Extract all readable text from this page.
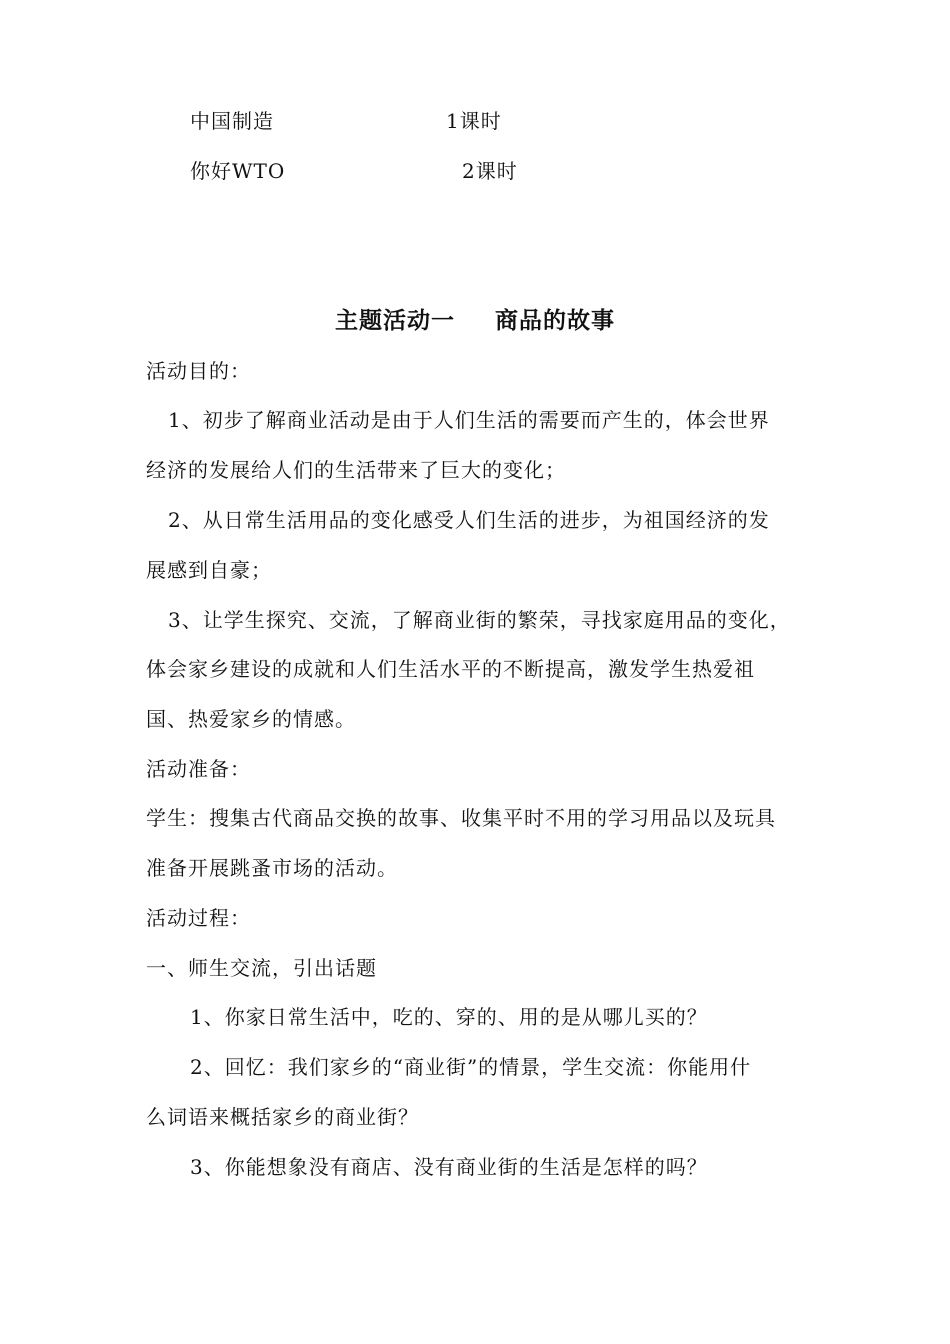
中国制造	1课时
你好WTO	2课时
主题活动一 商品的故事
活动目的：
1、初步了解商业活动是由于人们生活的需要而产生的，体会世界
经济的发展给人们的生活带来了巨大的变化；
2、从日常生活用品的变化感受人们生活的进步，为祖国经济的发
展感到自豪；
3、让学生探究、交流，了解商业街的繁荣，寻找家庭用品的变化，
体会家乡建设的成就和人们生活水平的不断提高，激发学生热爱祖
国、热爱家乡的情感。
活动准备：
学生：搜集古代商品交换的故事、收集平时不用的学习用品以及玩具
准备开展跳蚤市场的活动。
活动过程：
一、师生交流，引出话题
1、你家日常生活中，吃的、穿的、用的是从哪儿买的？
2、回忆：我们家乡的“商业街”的情景，学生交流：你能用什
么词语来概括家乡的商业街？
3、你能想象没有商店、没有商业街的生活是怎样的吗？
